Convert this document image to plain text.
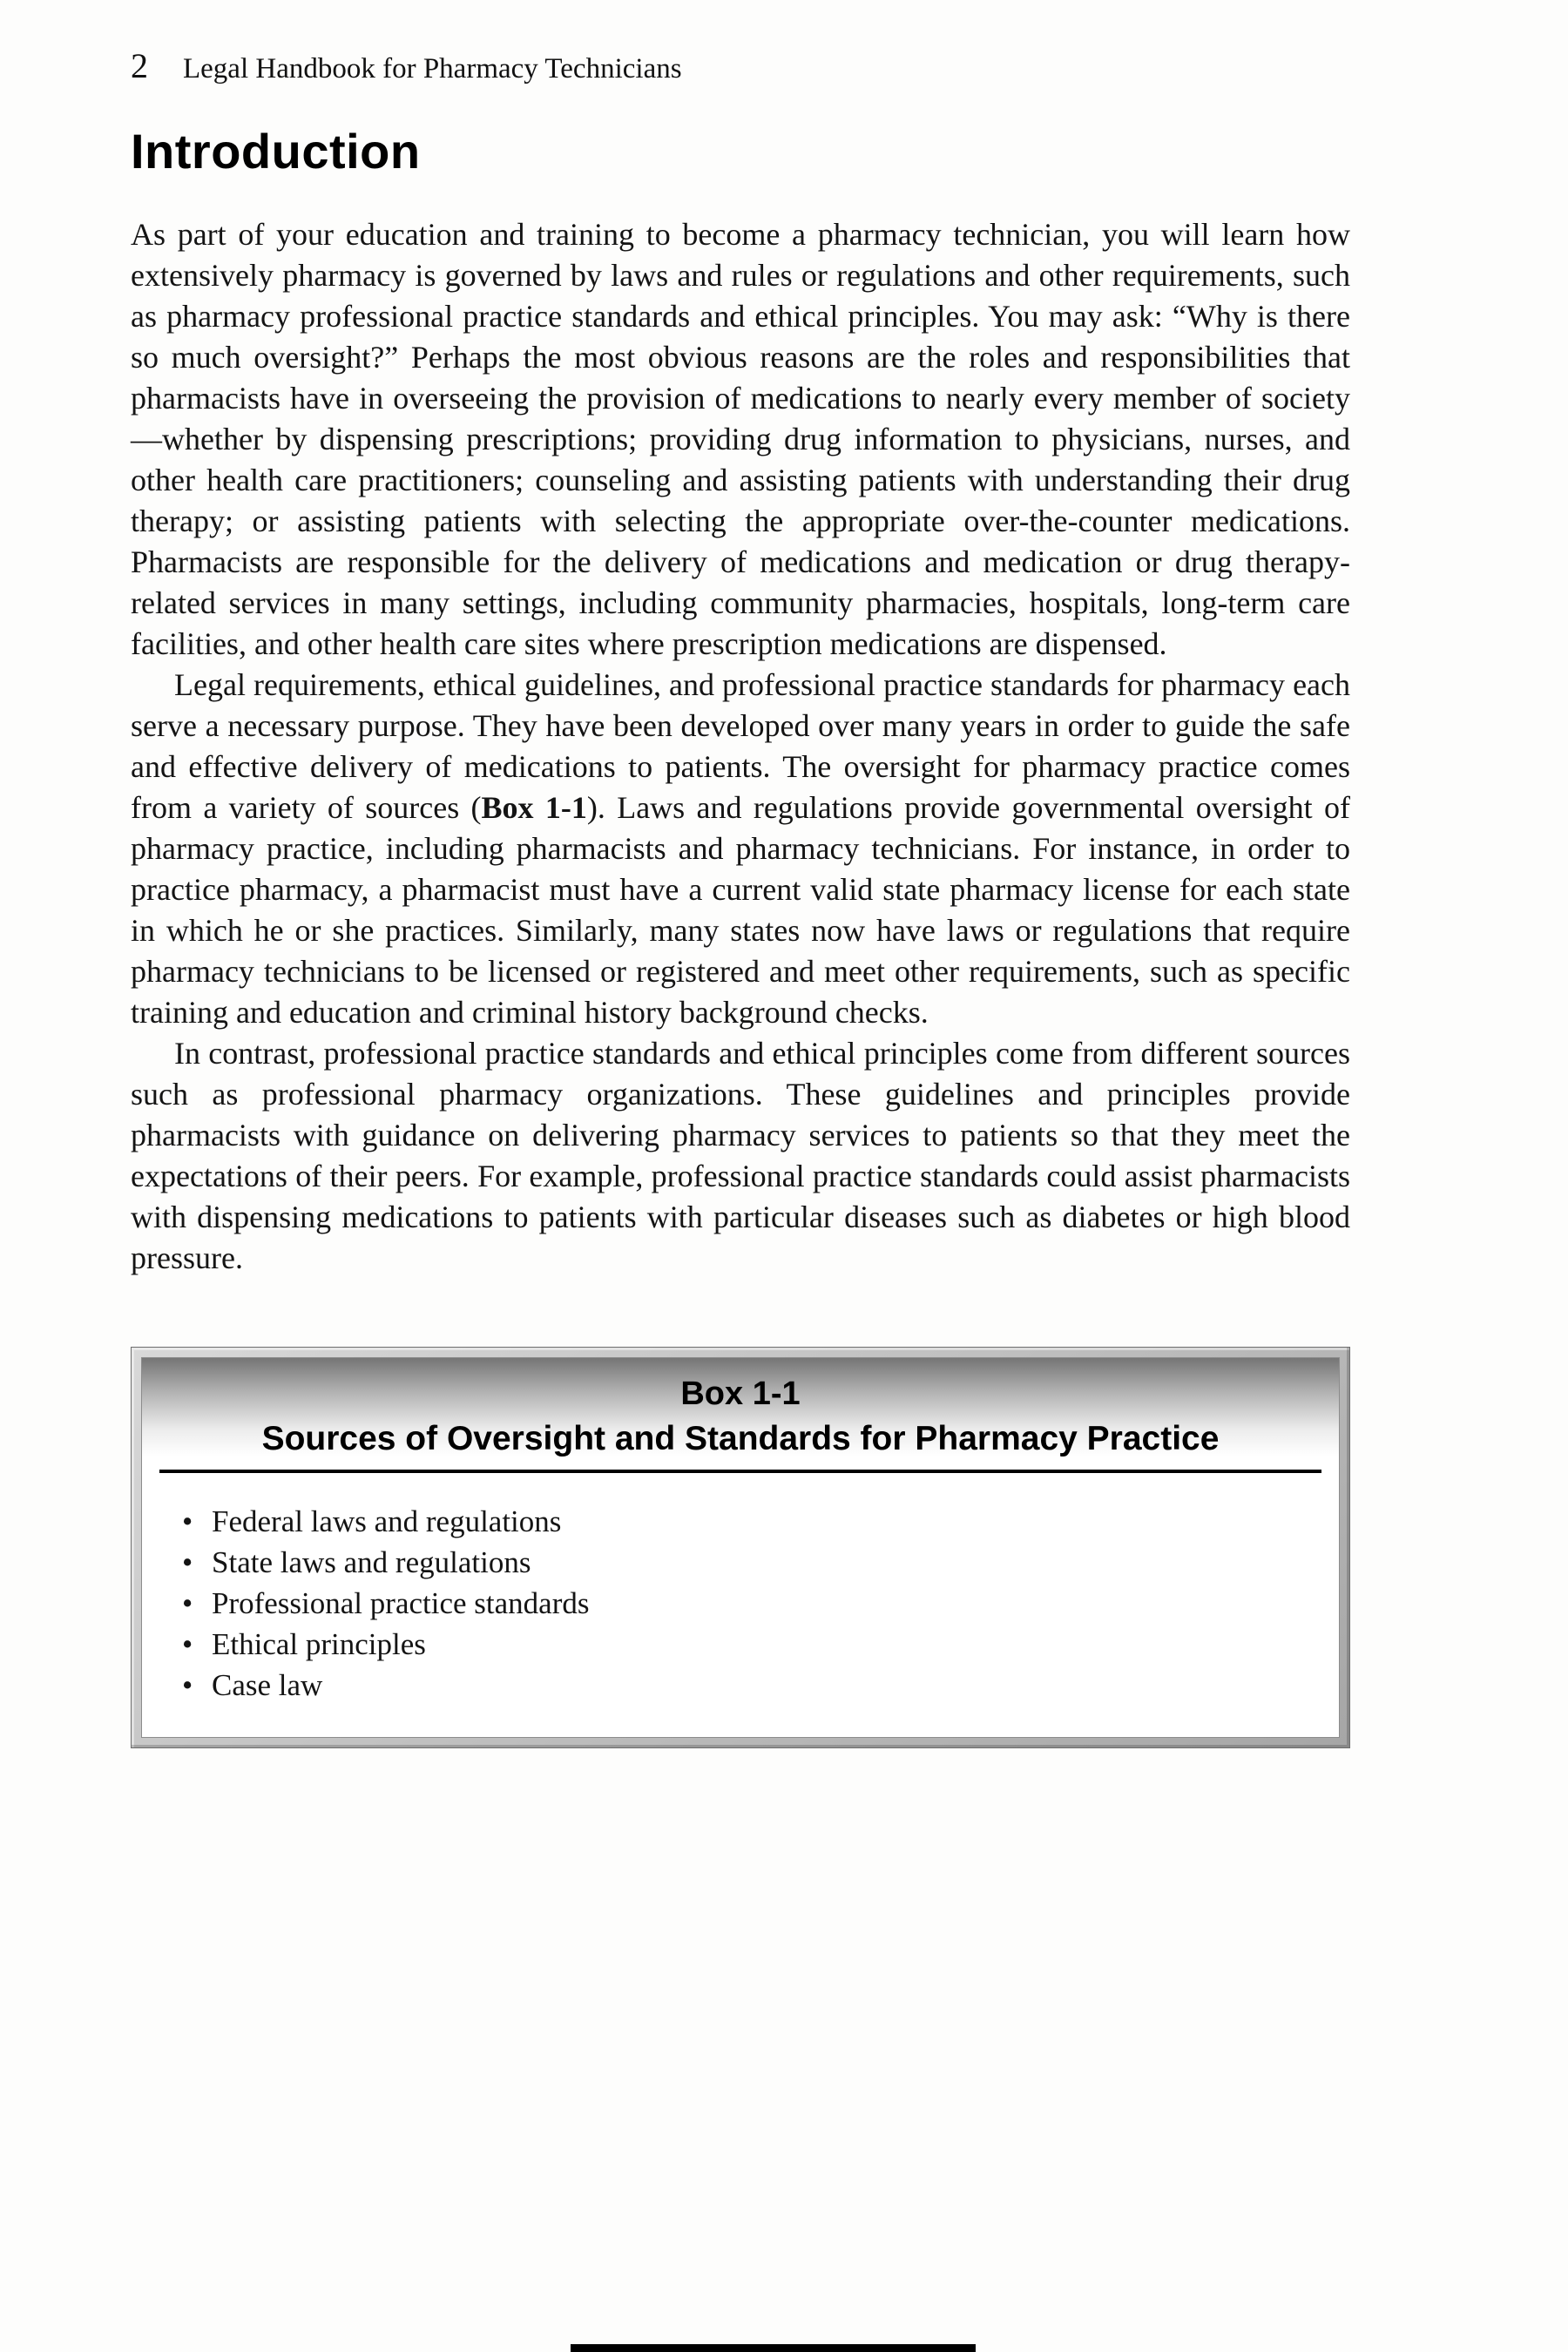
2 Legal Handbook for Pharmacy Technicians
Introduction

As part of your education and training to become a pharmacy technician, you will learn how extensively pharmacy is governed by laws and rules or regulations and other requirements, such as pharmacy professional practice standards and ethical principles. You may ask: “Why is there so much oversight?” Perhaps the most obvious reasons are the roles and responsibilities that pharmacists have in overseeing the provision of medications to nearly every member of society—whether by dispensing prescriptions; providing drug information to physicians, nurses, and other health care practitioners; counseling and assisting patients with understanding their drug therapy; or assisting patients with selecting the appropriate over-the-counter medications. Pharmacists are responsible for the delivery of medications and medication or drug therapy-related services in many settings, including community pharmacies, hospitals, long-term care facilities, and other health care sites where prescription medications are dispensed.

Legal requirements, ethical guidelines, and professional practice standards for pharmacy each serve a necessary purpose. They have been developed over many years in order to guide the safe and effective delivery of medications to patients. The oversight for pharmacy practice comes from a variety of sources (Box 1-1). Laws and regulations provide governmental oversight of pharmacy practice, including pharmacists and pharmacy technicians. For instance, in order to practice pharmacy, a pharmacist must have a current valid state pharmacy license for each state in which he or she practices. Similarly, many states now have laws or regulations that require pharmacy technicians to be licensed or registered and meet other requirements, such as specific training and education and criminal history background checks.

In contrast, professional practice standards and ethical principles come from different sources such as professional pharmacy organizations. These guidelines and principles provide pharmacists with guidance on delivering pharmacy services to patients so that they meet the expectations of their peers. For example, professional practice standards could assist pharmacists with dispensing medications to patients with particular diseases such as diabetes or high blood pressure.

Box 1-1
Sources of Oversight and Standards for Pharmacy Practice
• Federal laws and regulations
• State laws and regulations
• Professional practice standards
• Ethical principles
• Case law
